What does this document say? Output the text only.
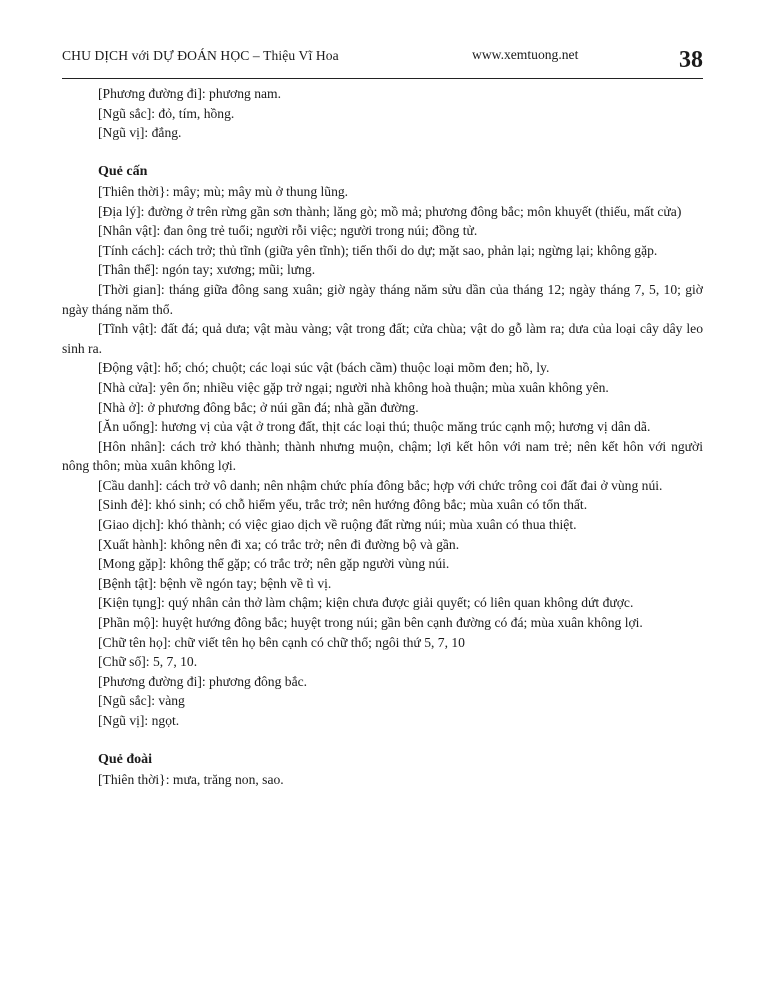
CHU DỊCH với DỰ ĐOÁN HỌC – Thiệu Vĩ Hoa	www.xemtuong.net	38

[Phương đường đi]: phương nam.

[Ngũ sắc]: đỏ, tím, hồng.

[Ngũ vị]: đắng.

Quẻ cấn

[Thiên thời}: mây; mù; mây mù ở thung lũng.

[Địa lý]: đường ở trên rừng gần sơn thành; lăng gò; mồ mả; phương đông bắc; môn khuyết (thiếu, mất cửa)

[Nhân vật]: đan ông trẻ tuổi; người rỗi việc; người trong núi; đồng tử.

[Tính cách]: cách trở; thủ tĩnh (giữa yên tĩnh); tiến thối do dự; mặt sao, phản lại; ngừng lại; không gặp.

[Thân thể]: ngón tay; xương; mũi; lưng.

[Thời gian]: tháng giữa đông sang xuân; giờ ngày tháng năm sửu dần của tháng 12; ngày tháng 7, 5, 10; giờ ngày tháng năm thổ.

[Tĩnh vật]: đất đá; quả dưa; vật màu vàng; vật trong đất; cửa chùa; vật do gỗ làm ra; dưa của loại cây dây leo sinh ra.

[Động vật]: hổ; chó; chuột; các loại súc vật (bách cầm) thuộc loại mõm đen; hồ, ly.

[Nhà cửa]: yên ổn; nhiều việc gặp trở ngại; người nhà không hoà thuận; mùa xuân không yên.

[Nhà ở]: ở phương đông bắc; ở núi gần đá; nhà gần đường.

[Ăn uống]: hương vị của vật ở trong đất, thịt các loại thú; thuộc măng trúc cạnh mộ; hương vị dân dã.

[Hôn nhân]: cách trở khó thành; thành nhưng muộn, chậm; lợi kết hôn với nam trẻ; nên kết hôn với người nông thôn; mùa xuân không lợi.

[Cầu danh]: cách trở vô danh; nên nhậm chức phía đông bắc; hợp với chức trông coi đất đai ở vùng núi.

[Sinh đẻ]: khó sinh; có chỗ hiểm yếu, trắc trở; nên hướng đông bắc; mùa xuân có tổn thất.

[Giao dịch]: khó thành; có việc giao dịch về ruộng đất rừng núi; mùa xuân có thua thiệt.

[Xuất hành]: không nên đi xa; có trắc trở; nên đi đường bộ và gần.

[Mong gặp]: không thể gặp; có trắc trở; nên gặp người vùng núi.

[Bệnh tật]: bệnh về ngón tay; bệnh về tì vị.

[Kiện tụng]: quý nhân cản thở làm chậm; kiện chưa được giải quyết; có liên quan không dứt được.

[Phần mộ]: huyệt hướng đông bắc; huyệt trong núi; gần bên cạnh đường có đá; mùa xuân không lợi.

[Chữ tên họ]: chữ viết tên họ bên cạnh có chữ thổ; ngôi thứ 5, 7, 10

[Chữ số]: 5, 7, 10.

[Phương đường đi]: phương đông bắc.

[Ngũ sắc]: vàng

[Ngũ vị]: ngọt.

Quẻ đoài

[Thiên thời}: mưa, trăng non, sao.
